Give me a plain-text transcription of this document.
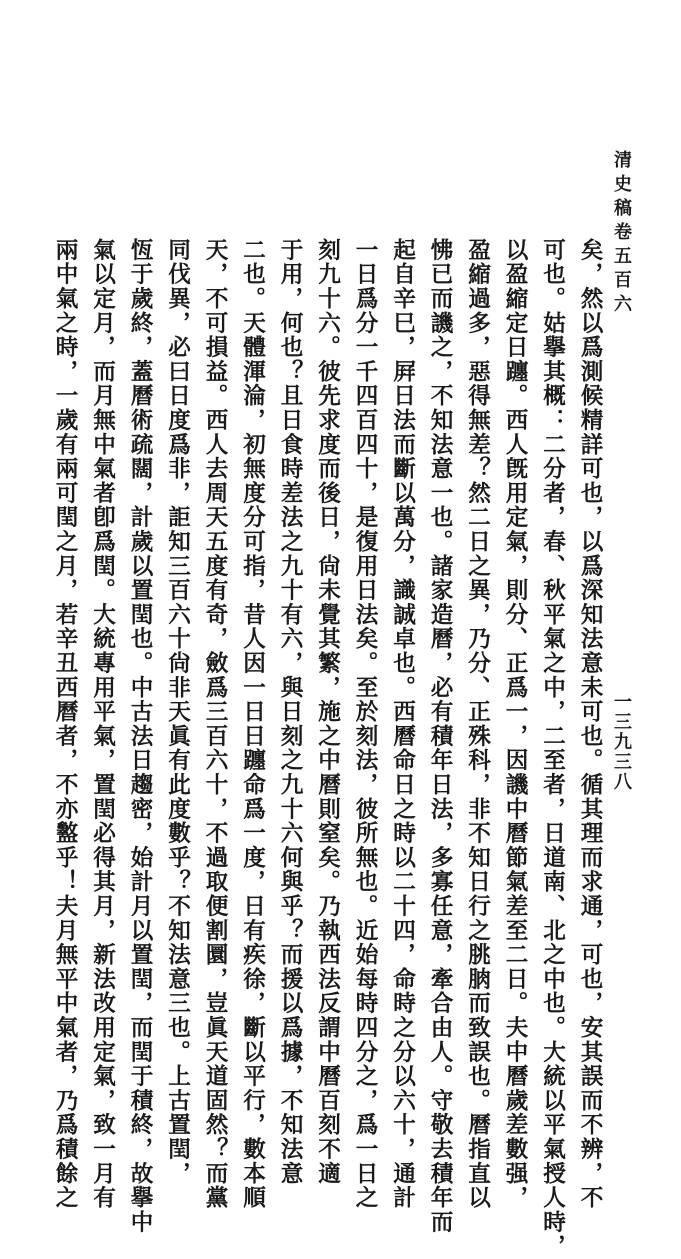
清史稿卷五百六
一三九三八
矣，然以爲測候精詳可也，以爲深知法意未可也。循其理而求通，可也，安其誤而不辨，不
可也。姑擧其概：二分者，春、秋平氣之中，二至者，日道南、北之中也。大統以平氣授人時，
以盈縮定日躔。西人旣用定氣，則分、正爲一，因譏中曆節氣差至二日。夫中曆歲差數强，
盈縮過多，惡得無差？然二日之異，乃分、正殊科，非不知日行之朓朒而致誤也。曆指直以
怫已而譏之，不知法意一也。諸家造曆，必有積年日法，多寡任意，牽合由人。守敬去積年而
起自辛巳，屛日法而斷以萬分，識誠卓也。西曆命日之時以二十四，命時之分以六十，通計
一日爲分一千四百四十，是復用日法矣。至於刻法，彼所無也。近始每時四分之，爲一日之
刻九十六。彼先求度而後日，尙未覺其繁，施之中曆則窒矣。乃執西法反謂中曆百刻不適
于用，何也？且日食時差法之九十有六，與日刻之九十六何與乎？而援以爲據，不知法意
二也。天體渾淪，初無度分可指，昔人因一日日躔命爲一度，日有疾徐，斷以平行，數本順
天，不可損益。西人去周天五度有奇，斂爲三百六十，不過取便割圜，豈眞天道固然？而黨
同伐異，必曰日度爲非，詎知三百六十尙非天眞有此度數乎？不知法意三也。上古置閏，
恆于歲終，蓋曆術疏闊，計歲以置閏也。中古法日趨密，始計月以置閏，而閏于積終，故擧中
氣以定月，而月無中氣者卽爲閏。大統專用平氣，置閏必得其月，新法改用定氣，致一月有
兩中氣之時，一歲有兩可閏之月，若辛丑西曆者，不亦盭乎！夫月無平中氣者，乃爲積餘之
